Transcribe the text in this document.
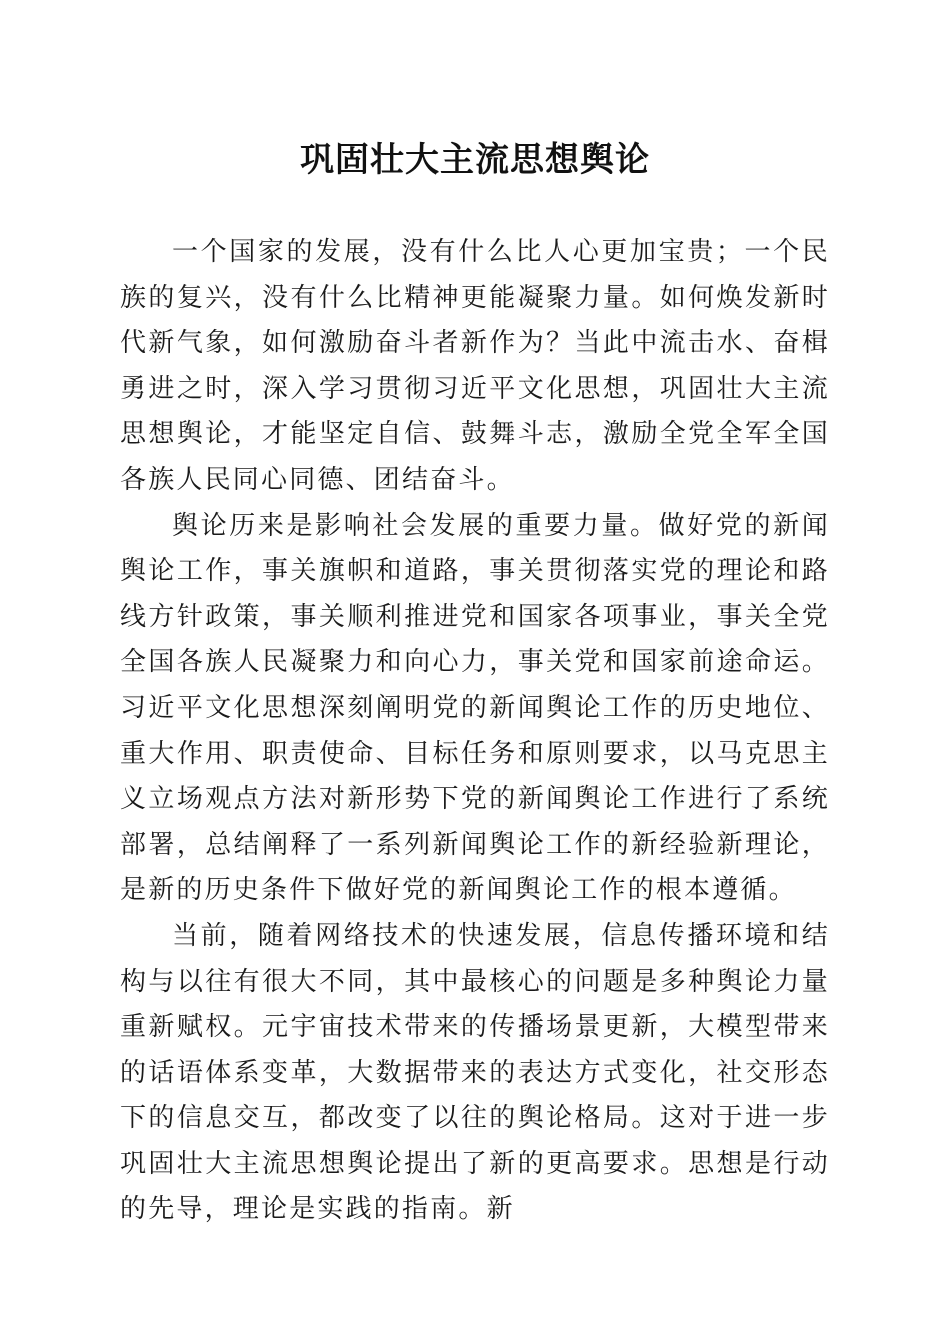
巩固壮大主流思想舆论

一个国家的发展，没有什么比人心更加宝贵；一个民族的复兴，没有什么比精神更能凝聚力量。如何焕发新时代新气象，如何激励奋斗者新作为？当此中流击水、奋楫勇进之时，深入学习贯彻习近平文化思想，巩固壮大主流思想舆论，才能坚定自信、鼓舞斗志，激励全党全军全国各族人民同心同德、团结奋斗。

舆论历来是影响社会发展的重要力量。做好党的新闻舆论工作，事关旗帜和道路，事关贯彻落实党的理论和路线方针政策，事关顺利推进党和国家各项事业，事关全党全国各族人民凝聚力和向心力，事关党和国家前途命运。习近平文化思想深刻阐明党的新闻舆论工作的历史地位、重大作用、职责使命、目标任务和原则要求，以马克思主义立场观点方法对新形势下党的新闻舆论工作进行了系统部署，总结阐释了一系列新闻舆论工作的新经验新理论，是新的历史条件下做好党的新闻舆论工作的根本遵循。

当前，随着网络技术的快速发展，信息传播环境和结构与以往有很大不同，其中最核心的问题是多种舆论力量重新赋权。元宇宙技术带来的传播场景更新，大模型带来的话语体系变革，大数据带来的表达方式变化，社交形态下的信息交互，都改变了以往的舆论格局。这对于进一步巩固壮大主流思想舆论提出了新的更高要求。思想是行动的先导，理论是实践的指南。新
